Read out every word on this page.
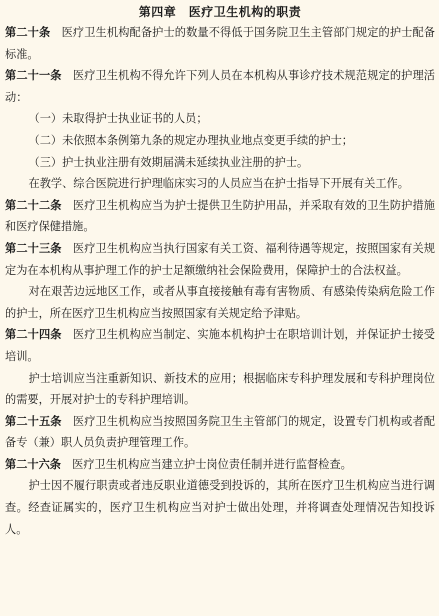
第四章　医疗卫生机构的职责

第二十条　医疗卫生机构配备护士的数量不得低于国务院卫生主管部门规定的护士配备标准。

第二十一条　医疗卫生机构不得允许下列人员在本机构从事诊疗技术规范规定的护理活动：

（一）未取得护士执业证书的人员；

（二）未依照本条例第九条的规定办理执业地点变更手续的护士；

（三）护士执业注册有效期届满未延续执业注册的护士。

在教学、综合医院进行护理临床实习的人员应当在护士指导下开展有关工作。

第二十二条　医疗卫生机构应当为护士提供卫生防护用品，并采取有效的卫生防护措施和医疗保健措施。

第二十三条　医疗卫生机构应当执行国家有关工资、福利待遇等规定，按照国家有关规定为在本机构从事护理工作的护士足额缴纳社会保险费用，保障护士的合法权益。

对在艰苦边远地区工作，或者从事直接接触有毒有害物质、有感染传染病危险工作的护士，所在医疗卫生机构应当按照国家有关规定给予津贴。

第二十四条　医疗卫生机构应当制定、实施本机构护士在职培训计划，并保证护士接受培训。

护士培训应当注重新知识、新技术的应用；根据临床专科护理发展和专科护理岗位的需要，开展对护士的专科护理培训。

第二十五条　医疗卫生机构应当按照国务院卫生主管部门的规定，设置专门机构或者配备专（兼）职人员负责护理管理工作。

第二十六条　医疗卫生机构应当建立护士岗位责任制并进行监督检查。

护士因不履行职责或者违反职业道德受到投诉的，其所在医疗卫生机构应当进行调查。经查证属实的，医疗卫生机构应当对护士做出处理，并将调查处理情况告知投诉人。
